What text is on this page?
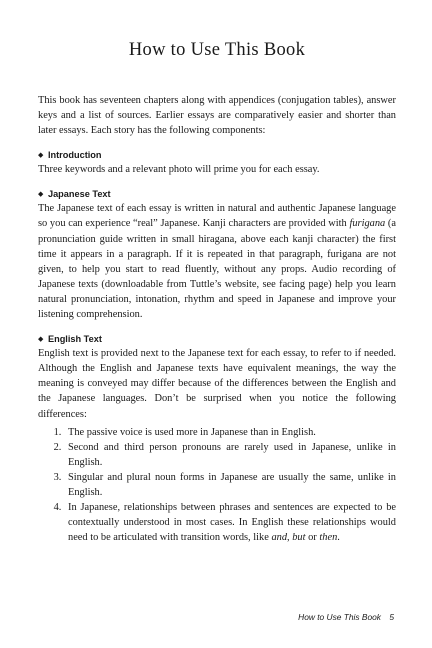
How to Use This Book

This book has seventeen chapters along with appendices (conjugation tables), answer keys and a list of sources. Earlier essays are comparatively easier and shorter than later essays. Each story has the following components:

◆ Introduction

Three keywords and a relevant photo will prime you for each essay.

◆ Japanese Text

The Japanese text of each essay is written in natural and authentic Japanese language so you can experience “real” Japanese. Kanji characters are provided with furigana (a pronunciation guide written in small hiragana, above each kanji character) the first time it appears in a paragraph. If it is repeated in that paragraph, furigana are not given, to help you start to read fluently, without any props. Audio recording of Japanese texts (downloadable from Tuttle’s website, see facing page) help you learn natural pronunciation, intonation, rhythm and speed in Japanese and improve your listening comprehension.

◆ English Text

English text is provided next to the Japanese text for each essay, to refer to if needed. Although the English and Japanese texts have equivalent meanings, the way the meaning is conveyed may differ because of the differences between the English and the Japanese languages. Don’t be surprised when you notice the following differences:

1. The passive voice is used more in Japanese than in English.
2. Second and third person pronouns are rarely used in Japanese, unlike in English.
3. Singular and plural noun forms in Japanese are usually the same, unlike in English.
4. In Japanese, relationships between phrases and sentences are expected to be contextually understood in most cases. In English these relationships would need to be articulated with transition words, like and, but or then.
How to Use This Book 5
